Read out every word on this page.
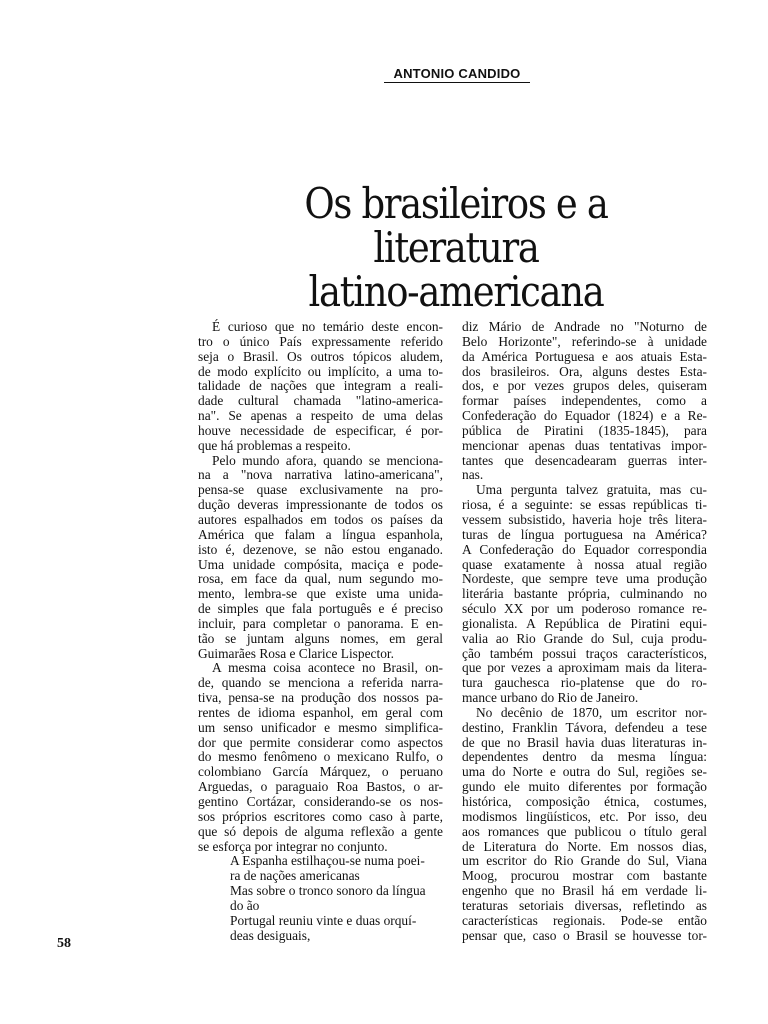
ANTONIO CANDIDO
Os brasileiros e a
literatura
latino-americana
É curioso que no temário deste encon-
tro o único País expressamente referido
seja o Brasil. Os outros tópicos aludem,
de modo explícito ou implícito, a uma to-
talidade de nações que integram a reali-
dade cultural chamada "latino-america-
na". Se apenas a respeito de uma delas
houve necessidade de especificar, é por-
que há problemas a respeito.
Pelo mundo afora, quando se menciona-
na a "nova narrativa latino-americana",
pensa-se quase exclusivamente na pro-
dução deveras impressionante de todos os
autores espalhados em todos os países da
América que falam a língua espanhola,
isto é, dezenove, se não estou enganado.
Uma unidade compósita, maciça e pode-
rosa, em face da qual, num segundo mo-
mento, lembra-se que existe uma unida-
de simples que fala português e é preciso
incluir, para completar o panorama. E en-
tão se juntam alguns nomes, em geral
Guimarães Rosa e Clarice Lispector.
A mesma coisa acontece no Brasil, on-
de, quando se menciona a referida narra-
tiva, pensa-se na produção dos nossos pa-
rentes de idioma espanhol, em geral com
um senso unificador e mesmo simplifica-
dor que permite considerar como aspectos
do mesmo fenômeno o mexicano Rulfo, o
colombiano García Márquez, o peruano
Arguedas, o paraguaio Roa Bastos, o ar-
gentino Cortázar, considerando-se os nos-
sos próprios escritores como caso à parte,
que só depois de alguma reflexão a gente
se esforça por integrar no conjunto.
A Espanha estilhaçou-se numa poei-
ra de nações americanas
Mas sobre o tronco sonoro da língua
do ão
Portugal reuniu vinte e duas orquí-
deas desiguais,
diz Mário de Andrade no "Noturno de
Belo Horizonte", referindo-se à unidade
da América Portuguesa e aos atuais Esta-
dos brasileiros. Ora, alguns destes Esta-
dos, e por vezes grupos deles, quiseram
formar países independentes, como a
Confederação do Equador (1824) e a Re-
pública de Piratini (1835-1845), para
mencionar apenas duas tentativas impor-
tantes que desencadearam guerras inter-
nas.
Uma pergunta talvez gratuita, mas cu-
riosa, é a seguinte: se essas repúblicas ti-
vessem subsistido, haveria hoje três litera-
turas de língua portuguesa na América?
A Confederação do Equador correspondia
quase exatamente à nossa atual região
Nordeste, que sempre teve uma produção
literária bastante própria, culminando no
século XX por um poderoso romance re-
gionalista. A República de Piratini equi-
valia ao Rio Grande do Sul, cuja produ-
ção também possui traços característicos,
que por vezes a aproximam mais da litera-
tura gauchesca rio-platense que do ro-
mance urbano do Rio de Janeiro.
No decênio de 1870, um escritor nor-
destino, Franklin Távora, defendeu a tese
de que no Brasil havia duas literaturas in-
dependentes dentro da mesma língua:
uma do Norte e outra do Sul, regiões se-
gundo ele muito diferentes por formação
histórica, composição étnica, costumes,
modismos lingüísticos, etc. Por isso, deu
aos romances que publicou o título geral
de Literatura do Norte. Em nossos dias,
um escritor do Rio Grande do Sul, Viana
Moog, procurou mostrar com bastante
engenho que no Brasil há em verdade li-
teraturas setoriais diversas, refletindo as
características regionais. Pode-se então
pensar que, caso o Brasil se houvesse tor-
58
